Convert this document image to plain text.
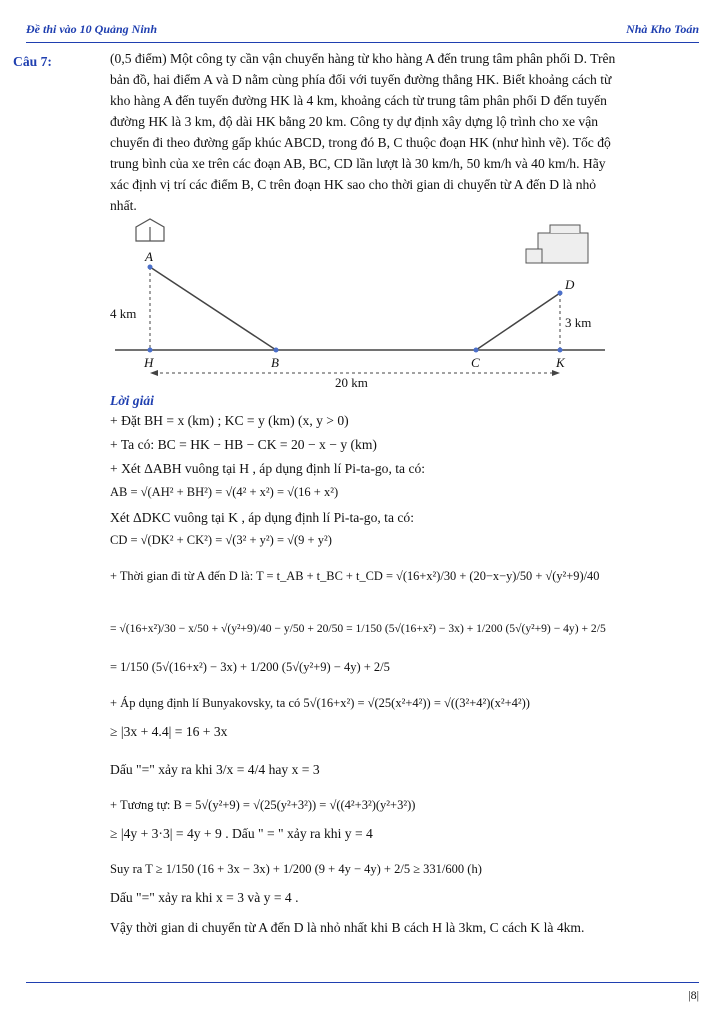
Đề thi vào 10 Quảng Ninh	Nhà Kho Toán
Câu 7:	(0,5 điểm) Một công ty cần vận chuyển hàng từ kho hàng A đến trung tâm phân phối D. Trên
bản đồ, hai điểm A và D nằm cùng phía đối với tuyến đường thẳng HK. Biết khoảng cách từ
kho hàng A đến tuyến đường HK là 4 km, khoảng cách từ trung tâm phân phối D đến tuyến
đường HK là 3 km, độ dài HK bằng 20 km. Công ty dự định xây dựng lộ trình cho xe vận
chuyển đi theo đường gấp khúc ABCD, trong đó B, C thuộc đoạn HK (như hình vẽ). Tốc độ
trung bình của xe trên các đoạn AB, BC, CD lần lượt là 30 km/h, 50 km/h và 40 km/h. Hãy
xác định vị trí các điểm B, C trên đoạn HK sao cho thời gian di chuyển từ A đến D là nhỏ
nhất.
A
D
H	B	C	K
4 km
3 km
20 km
Lời giải
+ Đặt BH = x (km) ; KC = y (km) (x, y > 0)
+ Ta có: BC = HK − HB − CK = 20 − x − y (km)
+ Xét ΔABH vuông tại H , áp dụng định lí Pi-ta-go, ta có:
AB = √(AH² + BH²) = √(4² + x²) = √(16 + x²)
Xét ΔDKC vuông tại K , áp dụng định lí Pi-ta-go, ta có:
CD = √(DK² + CK²) = √(3² + y²) = √(9 + y²)
+ Thời gian đi từ A đến D là: T = t_AB + t_BC + t_CD = √(16+x²)/30 + (20−x−y)/50 + √(y²+9)/40
= √(16+x²)/30 − x/50 + √(y²+9)/40 − y/50 + 20/50 = 1/150 (5√(16+x²) − 3x) + 1/200 (5√(y²+9) − 4y) + 2/5
= 1/150 (5√(16+x²) − 3x) + 1/200 (5√(y²+9) − 4y) + 2/5
+ Áp dụng định lí Bunyakovsky, ta có 5√(16+x²) = √(25(x²+4²)) = √((3²+4²)(x²+4²))
≥ |3x + 4.4| = 16 + 3x
Dấu "=" xảy ra khi 3/x = 4/4 hay x = 3
+ Tương tự: B = 5√(y²+9) = √(25(y²+3²)) = √((4²+3²)(y²+3²))
≥ |4y + 3·3| = 4y + 9 . Dấu " = " xảy ra khi y = 4
Suy ra T ≥ 1/150 (16 + 3x − 3x) + 1/200 (9 + 4y − 4y) + 2/5 ≥ 331/600 (h)
Dấu "=" xảy ra khi x = 3 và y = 4 .
Vậy thời gian di chuyển từ A đến D là nhỏ nhất khi B cách H là 3km, C cách K là 4km.
|8|
